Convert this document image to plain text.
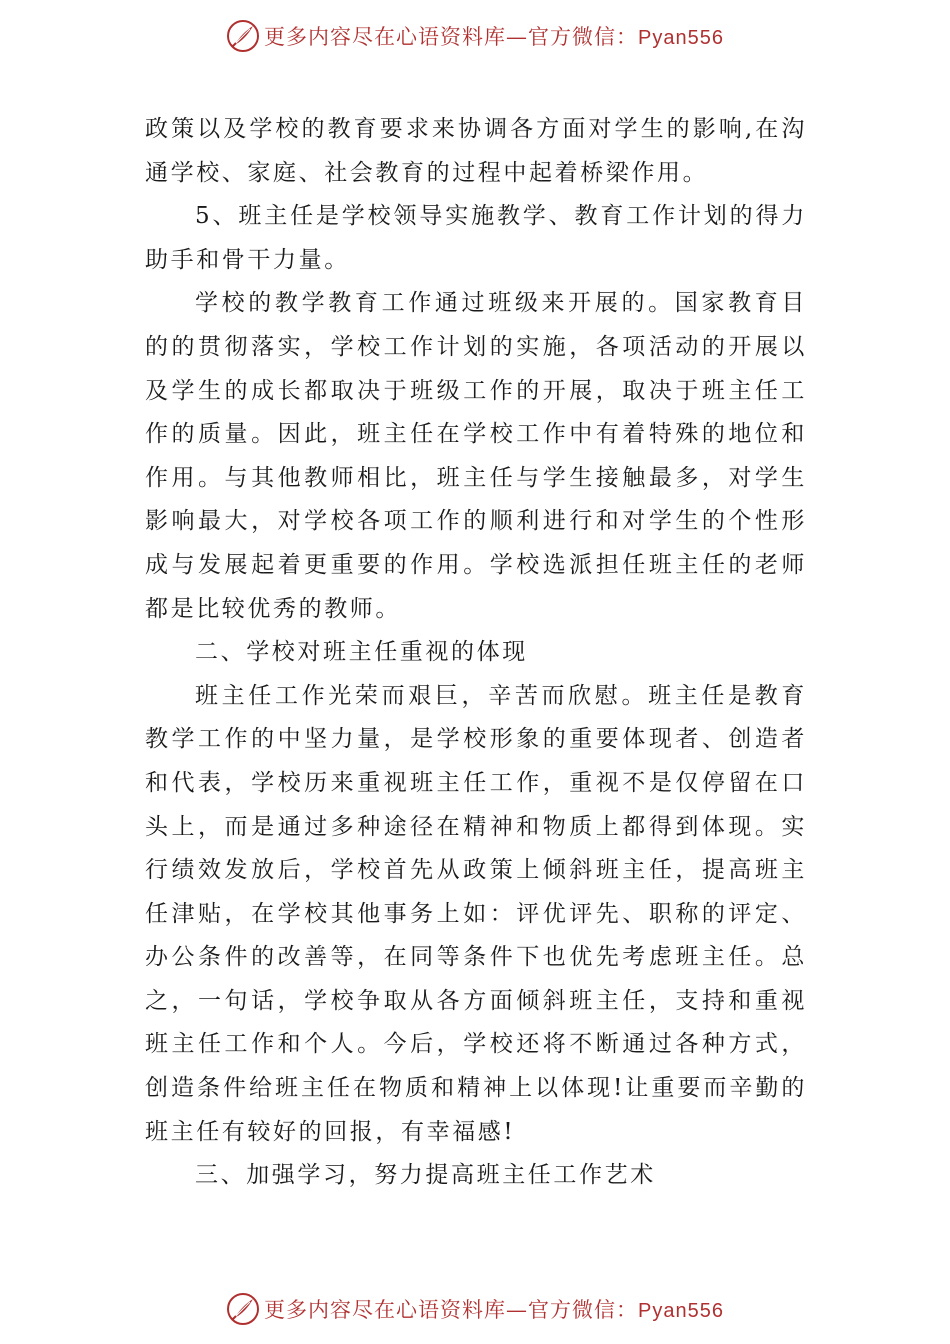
更多内容尽在心语资料库—官方微信：Pyan556

政策以及学校的教育要求来协调各方面对学生的影响,在沟通学校、家庭、社会教育的过程中起着桥梁作用。

5、班主任是学校领导实施教学、教育工作计划的得力助手和骨干力量。

学校的教学教育工作通过班级来开展的。国家教育目的的贯彻落实，学校工作计划的实施，各项活动的开展以及学生的成长都取决于班级工作的开展，取决于班主任工作的质量。因此，班主任在学校工作中有着特殊的地位和作用。与其他教师相比，班主任与学生接触最多，对学生影响最大，对学校各项工作的顺利进行和对学生的个性形成与发展起着更重要的作用。学校选派担任班主任的老师都是比较优秀的教师。

二、学校对班主任重视的体现

班主任工作光荣而艰巨，辛苦而欣慰。班主任是教育教学工作的中坚力量，是学校形象的重要体现者、创造者和代表，学校历来重视班主任工作，重视不是仅停留在口头上，而是通过多种途径在精神和物质上都得到体现。实行绩效发放后，学校首先从政策上倾斜班主任，提高班主任津贴，在学校其他事务上如：评优评先、职称的评定、办公条件的改善等，在同等条件下也优先考虑班主任。总之，一句话，学校争取从各方面倾斜班主任，支持和重视班主任工作和个人。今后，学校还将不断通过各种方式，创造条件给班主任在物质和精神上以体现!让重要而辛勤的班主任有较好的回报，有幸福感!

三、加强学习，努力提高班主任工作艺术

更多内容尽在心语资料库—官方微信：Pyan556
